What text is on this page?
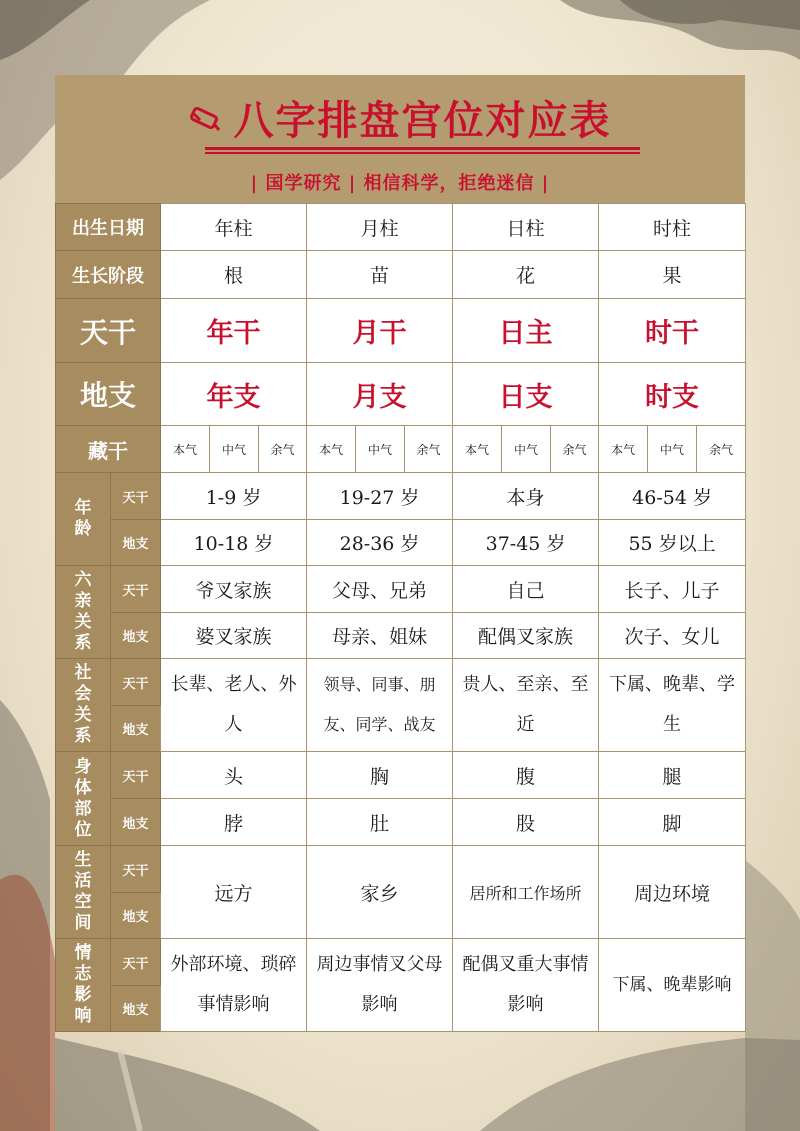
八字排盘宫位对应表
| 国学研究 | 相信科学，拒绝迷信 |
出生日期		年柱			月柱			日柱			时柱		
生长阶段		根			苗			花			果		
天干		年干			月干			日主			时干		
地支		年支			月支			日支			时支		
藏干		本气	中气	余气	本气	中气	余气	本气	中气	余气	本气	中气	余气
年龄	天干	1-9 岁			19-27 岁			本身			46-54 岁		
	地支	10-18 岁			28-36 岁			37-45 岁			55 岁以上		
六亲关系	天干	爷叉家族			父母、兄弟			自己			长子、儿子		
	地支	婆叉家族			母亲、姐妹			配偶叉家族			次子、女儿		
社会关系	天干	长辈、老人、外人			领导、同事、朋友、同学、战友			贵人、至亲、至近			下属、晚辈、学生		
	地支												
身体部位	天干	头			胸			腹			腿		
	地支	脖			肚			股			脚		
生活空间	天干	远方			家乡			居所和工作场所			周边环境		
	地支												
情志影响	天干	外部环境、琐碎事情影响			周边事情叉父母影响			配偶叉重大事情影响			下属、晚辈影响		
	地支												
